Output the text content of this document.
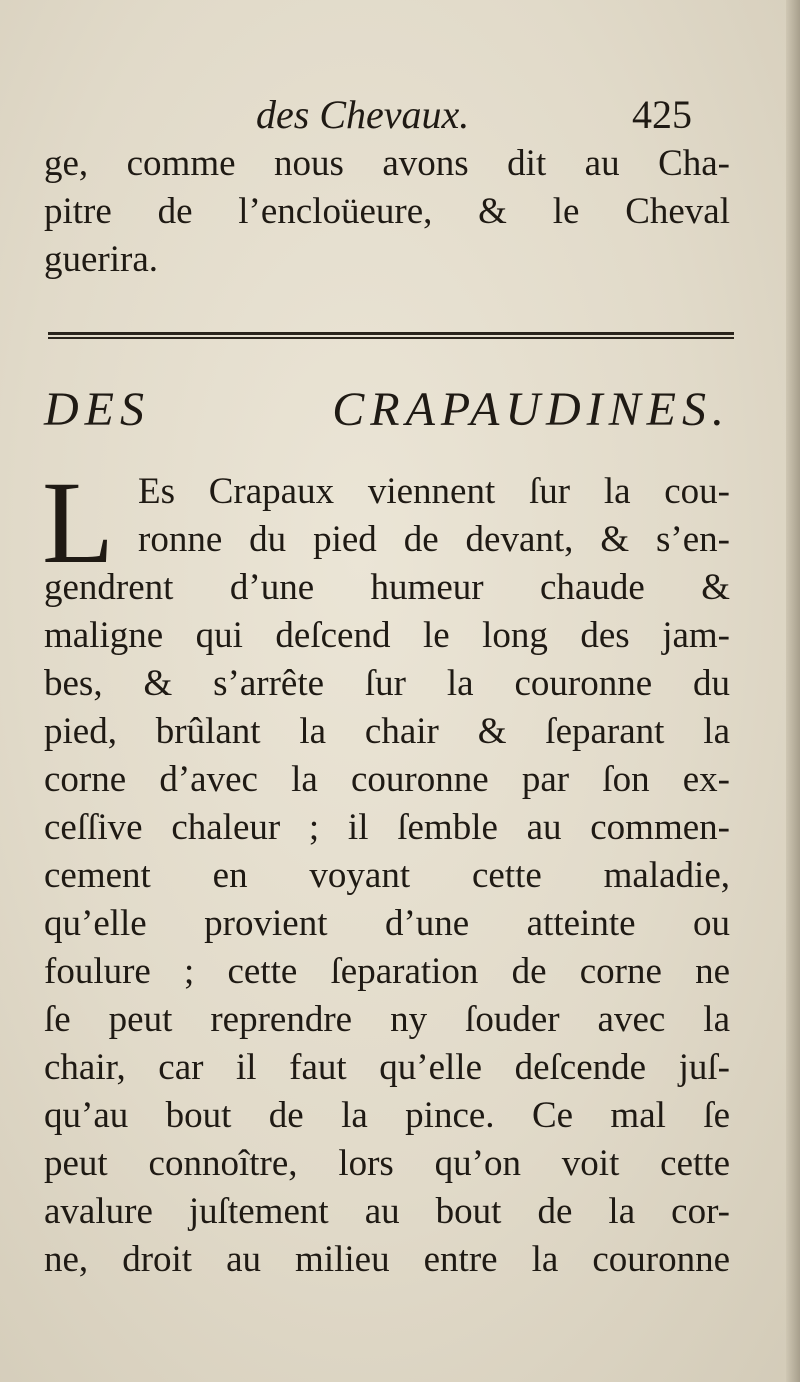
des Chevaux.	425
ge, comme nous avons dit au Cha-
pitre de l’encloüeure, & le Cheval
guerira.
DES CRAPAUDINES.
L Es Crapaux viennent ſur la cou-
ronne du pied de devant, & s’en-
gendrent d’une humeur chaude &
maligne qui deſcend le long des jam-
bes, & s’arrête ſur la couronne du
pied, brûlant la chair & ſeparant la
corne d’avec la couronne par ſon ex-
ceſſive chaleur ; il ſemble au commen-
cement en voyant cette maladie,
qu’elle provient d’une atteinte ou
foulure ; cette ſeparation de corne ne
ſe peut reprendre ny ſouder avec la
chair, car il faut qu’elle deſcende juſ-
qu’au bout de la pince. Ce mal ſe
peut connoître, lors qu’on voit cette
avalure juſtement au bout de la cor-
ne, droit au milieu entre la couronne
